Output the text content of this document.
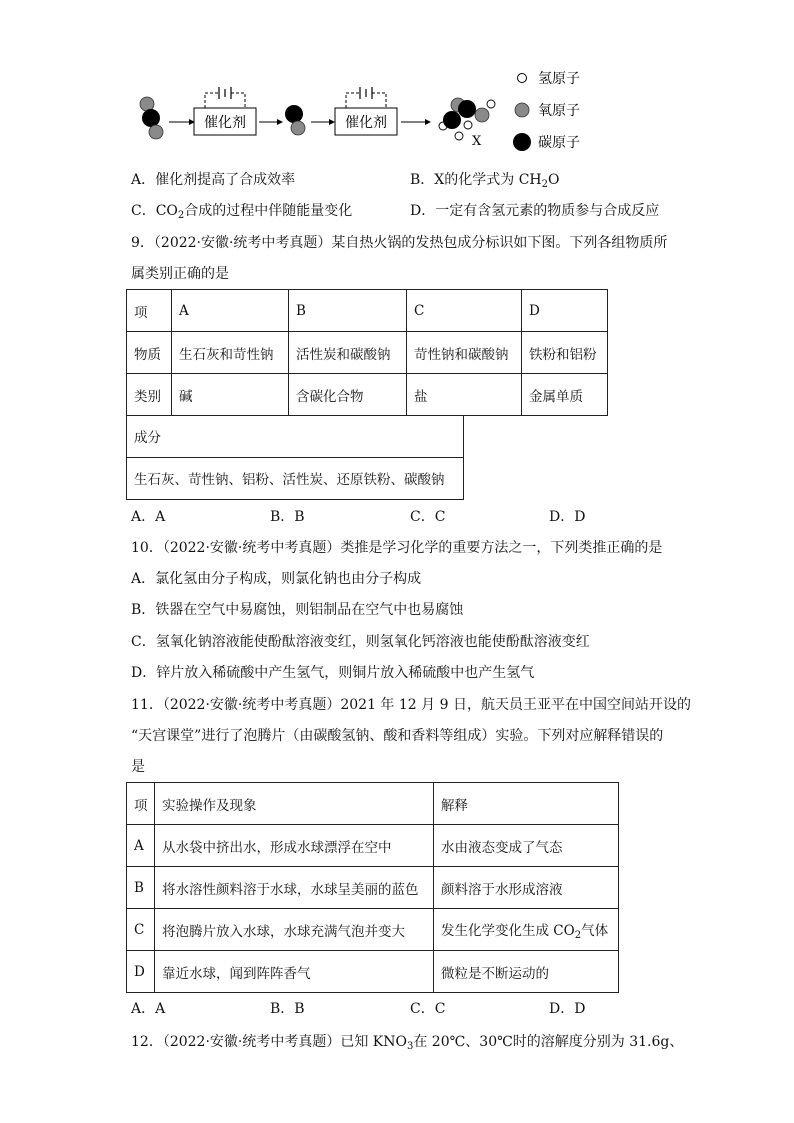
催化剂	催化剂
X
氢原子
氧原子
碳原子
A．催化剂提高了合成效率	B．X的化学式为 $CH_2O$
C．$CO_2$合成的过程中伴随能量变化	D．一定有含氢元素的物质参与合成反应
9．（2022·安徽·统考中考真题）某自热火锅的发热包成分标识如下图。下列各组物质所
属类别正确的是
项	A	B	C	D
物质	生石灰和苛性钠	活性炭和碳酸钠	苛性钠和碳酸钠	铁粉和铝粉
类别	碱	含碳化合物	盐	金属单质
成分
生石灰、苛性钠、铝粉、活性炭、还原铁粉、碳酸钠
A．A	B．B	C．C	D．D
10．（2022·安徽·统考中考真题）类推是学习化学的重要方法之一，下列类推正确的是
A．氯化氢由分子构成，则氯化钠也由分子构成
B．铁器在空气中易腐蚀，则铝制品在空气中也易腐蚀
C．氢氧化钠溶液能使酚酞溶液变红，则氢氧化钙溶液也能使酚酞溶液变红
D．锌片放入稀硫酸中产生氢气，则铜片放入稀硫酸中也产生氢气
11．（2022·安徽·统考中考真题）2021 年 12 月 9 日，航天员王亚平在中国空间站开设的
“天宫课堂”进行了泡腾片（由碳酸氢钠、酸和香料等组成）实验。下列对应解释错误的
是
项	实验操作及现象	解释
A	从水袋中挤出水，形成水球漂浮在空中	水由液态变成了气态
B	将水溶性颜料溶于水球，水球呈美丽的蓝色	颜料溶于水形成溶液
C	将泡腾片放入水球，水球充满气泡并变大	发生化学变化生成 $CO_2$气体
D	靠近水球，闻到阵阵香气	微粒是不断运动的
A．A	B．B	C．C	D．D
12．（2022·安徽·统考中考真题）已知 $KNO_3$在 20℃、30℃时的溶解度分别为 31.6g、
